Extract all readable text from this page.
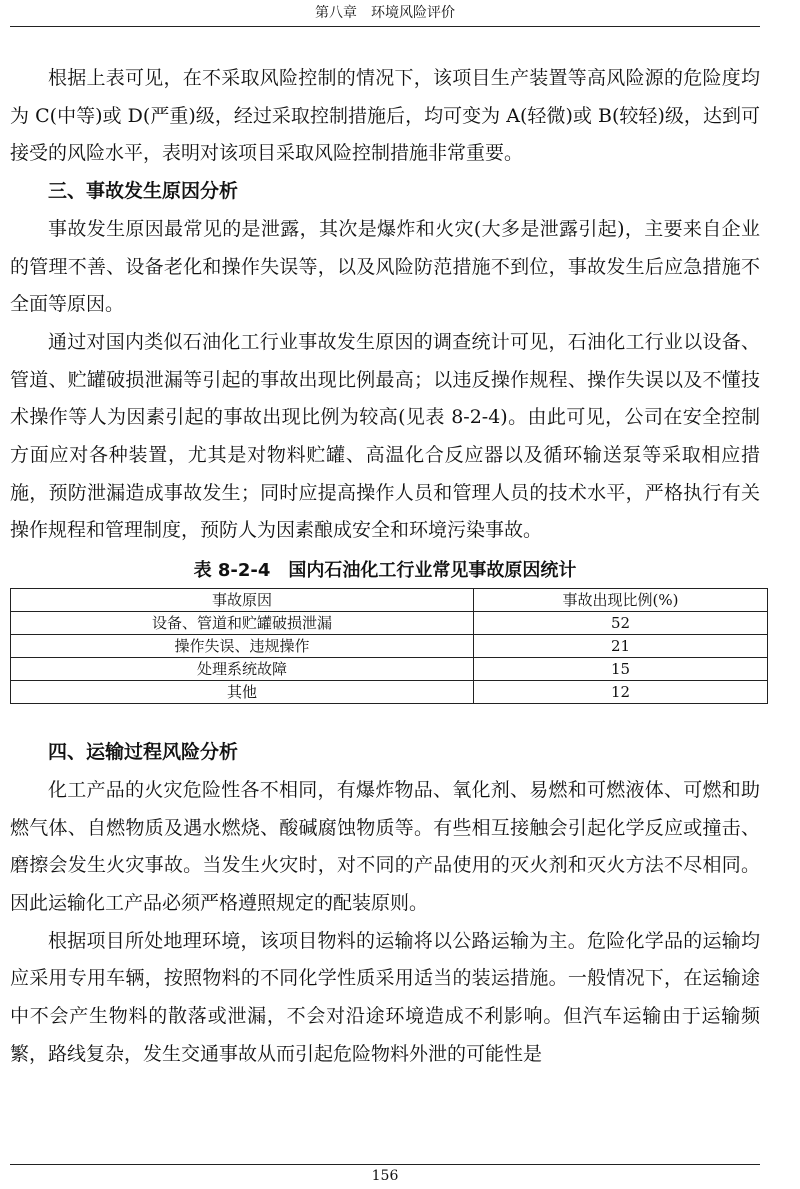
第八章　环境风险评价

根据上表可见，在不采取风险控制的情况下，该项目生产装置等高风险源的危险度均为 C(中等)或 D(严重)级，经过采取控制措施后，均可变为 A(轻微)或 B(较轻)级，达到可接受的风险水平，表明对该项目采取风险控制措施非常重要。

三、事故发生原因分析

事故发生原因最常见的是泄露，其次是爆炸和火灾(大多是泄露引起)，主要来自企业的管理不善、设备老化和操作失误等，以及风险防范措施不到位，事故发生后应急措施不全面等原因。

通过对国内类似石油化工行业事故发生原因的调查统计可见，石油化工行业以设备、管道、贮罐破损泄漏等引起的事故出现比例最高；以违反操作规程、操作失误以及不懂技术操作等人为因素引起的事故出现比例为较高(见表 8-2-4)。由此可见，公司在安全控制方面应对各种装置，尤其是对物料贮罐、高温化合反应器以及循环输送泵等采取相应措施，预防泄漏造成事故发生；同时应提高操作人员和管理人员的技术水平，严格执行有关操作规程和管理制度，预防人为因素酿成安全和环境污染事故。

表 8-2-4　国内石油化工行业常见事故原因统计
事故原因	事故出现比例(%)
设备、管道和贮罐破损泄漏	52
操作失误、违规操作	21
处理系统故障	15
其他	12

四、运输过程风险分析

化工产品的火灾危险性各不相同，有爆炸物品、氧化剂、易燃和可燃液体、可燃和助燃气体、自燃物质及遇水燃烧、酸碱腐蚀物质等。有些相互接触会引起化学反应或撞击、磨擦会发生火灾事故。当发生火灾时，对不同的产品使用的灭火剂和灭火方法不尽相同。因此运输化工产品必须严格遵照规定的配装原则。

根据项目所处地理环境，该项目物料的运输将以公路运输为主。危险化学品的运输均应采用专用车辆，按照物料的不同化学性质采用适当的装运措施。一般情况下，在运输途中不会产生物料的散落或泄漏，不会对沿途环境造成不利影响。但汽车运输由于运输频繁，路线复杂，发生交通事故从而引起危险物料外泄的可能性是

156
